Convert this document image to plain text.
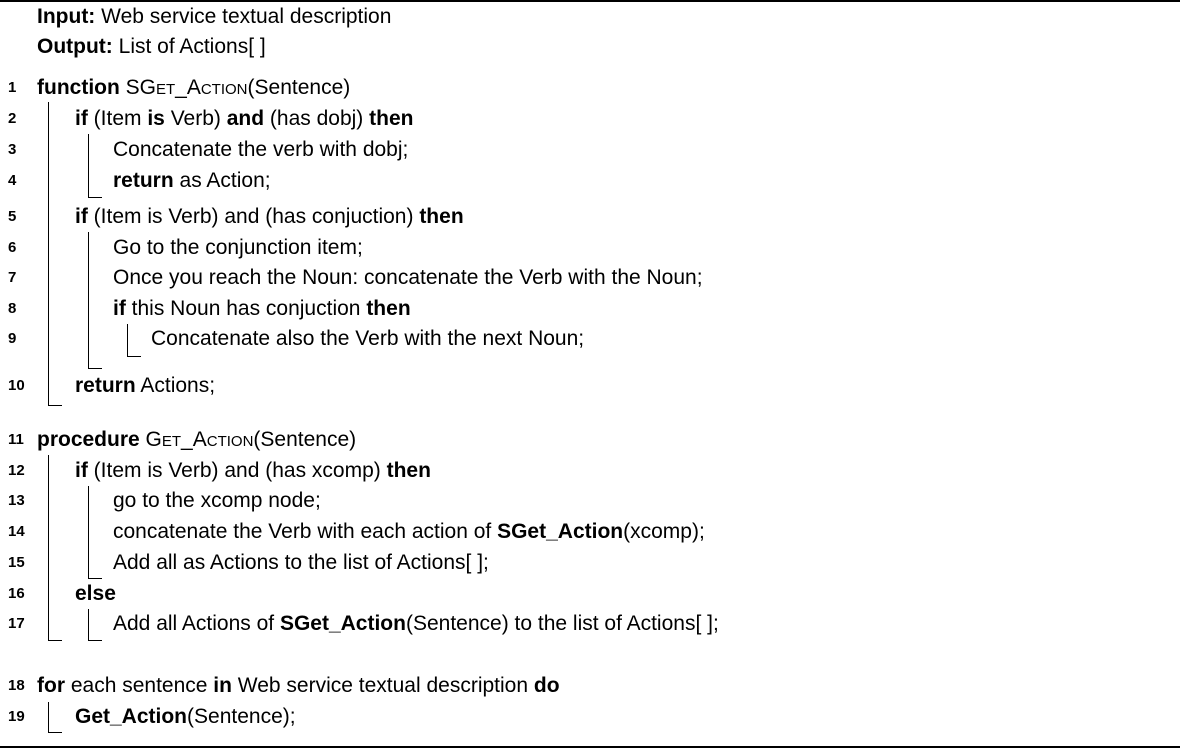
Input: Web service textual description
Output: List of Actions[ ]
1 function SGet_Action(Sentence)
2	if (Item is Verb) and (has dobj) then
3	Concatenate the verb with dobj;
4	return as Action;
5	if (Item is Verb) and (has conjuction) then
6	Go to the conjunction item;
7	Once you reach the Noun: concatenate the Verb with the Noun;
8	if this Noun has conjuction then
9	Concatenate also the Verb with the next Noun;
10 return Actions;
11 procedure Get_Action(Sentence)
12 if (Item is Verb) and (has xcomp) then
13	go to the xcomp node;
14	concatenate the Verb with each action of SGet_Action(xcomp);
15	Add all as Actions to the list of Actions[ ];
16 else
17	Add all Actions of SGet_Action(Sentence) to the list of Actions[ ];
18 for each sentence in Web service textual description do
19 Get_Action(Sentence);
